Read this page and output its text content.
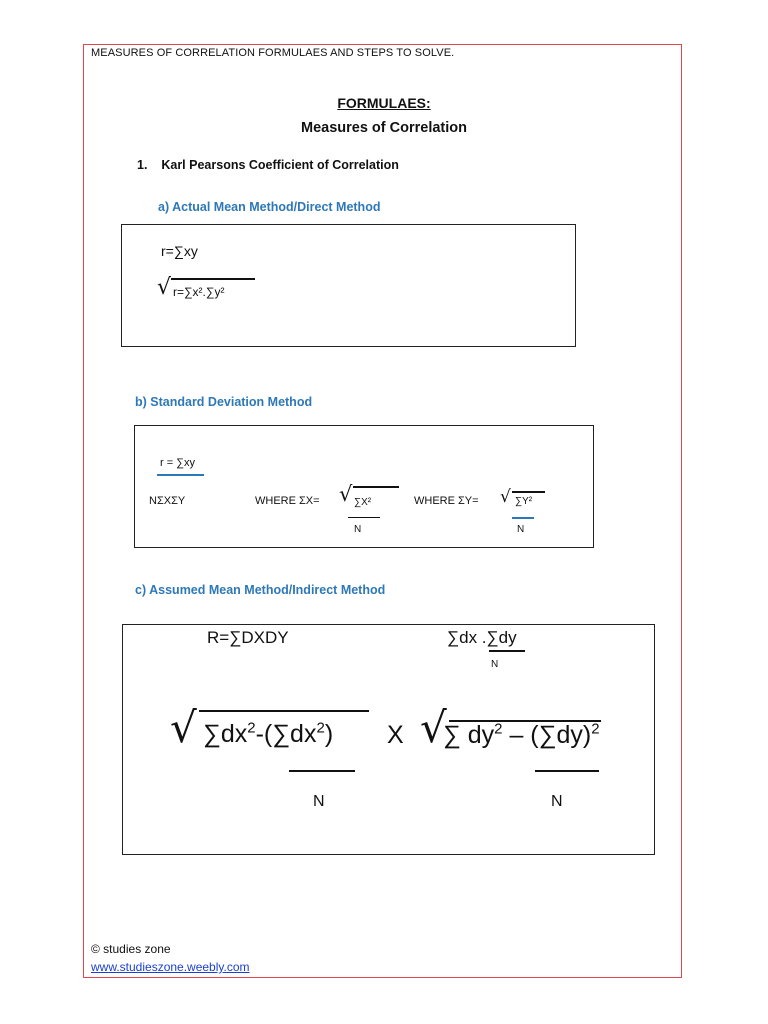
MEASURES OF CORRELATION FORMULAES AND STEPS TO SOLVE.
FORMULAES:
Measures of Correlation
1. Karl Pearsons Coefficient of Correlation
a) Actual Mean Method/Direct Method
r=∑xy
√ r=∑x².∑y²
b) Standard Deviation Method
r = ∑xy
NΣXΣY	WHERE ΣX= √ ∑X²
N
WHERE ΣY= √ ∑Y²
N
c) Assumed Mean Method/Indirect Method
R=∑DXDY	∑dx .∑dy
N
√ $\sum dx^2-(\sum dx^2)$ X √
∑ $dy^2 - (\sum dy)^2$
N	N
© studies zone
www.studieszone.weebly.com
